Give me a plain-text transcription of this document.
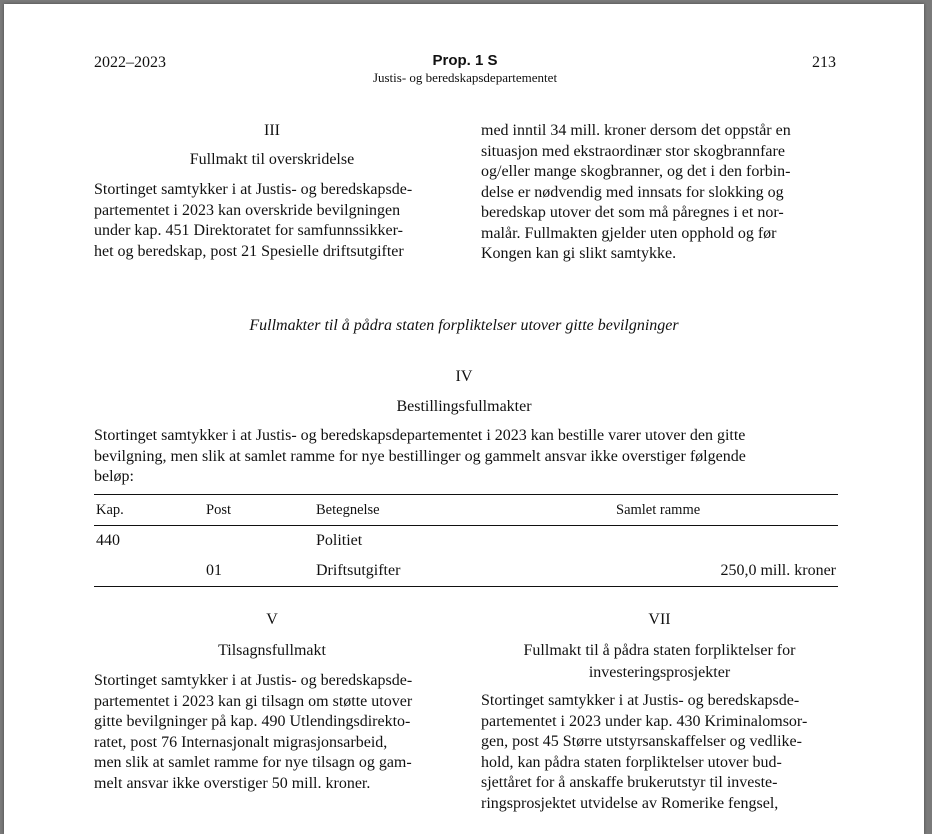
2022–2023	Prop. 1 S
Justis- og beredskapsdepartementet
213
III
Fullmakt til overskridelse
Stortinget samtykker i at Justis- og beredskapsde-
partementet i 2023 kan overskride bevilgningen
under kap. 451 Direktoratet for samfunnssikker-
het og beredskap, post 21 Spesielle driftsutgifter
med inntil 34 mill. kroner dersom det oppstår en
situasjon med ekstraordinær stor skogbrannfare
og/eller mange skogbranner, og det i den forbin-
delse er nødvendig med innsats for slokking og
beredskap utover det som må påregnes i et nor-
malår. Fullmakten gjelder uten opphold og før
Kongen kan gi slikt samtykke.
Fullmakter til å pådra staten forpliktelser utover gitte bevilgninger
IV
Bestillingsfullmakter
Stortinget samtykker i at Justis- og beredskapsdepartementet i 2023 kan bestille varer utover den gitte
bevilgning, men slik at samlet ramme for nye bestillinger og gammelt ansvar ikke overstiger følgende
beløp:
Kap.	Post	Betegnelse	Samlet ramme
440		Politiet	
	01	Driftsutgifter	250,0 mill. kroner
V
Tilsagnsfullmakt
Stortinget samtykker i at Justis- og beredskapsde-
partementet i 2023 kan gi tilsagn om støtte utover
gitte bevilgninger på kap. 490 Utlendingsdirekto-
ratet, post 76 Internasjonalt migrasjonsarbeid,
men slik at samlet ramme for nye tilsagn og gam-
melt ansvar ikke overstiger 50 mill. kroner.
VII
Fullmakt til å pådra staten forpliktelser for
investeringsprosjekter
Stortinget samtykker i at Justis- og beredskapsde-
partementet i 2023 under kap. 430 Kriminalomsor-
gen, post 45 Større utstyrsanskaffelser og vedlike-
hold, kan pådra staten forpliktelser utover bud-
sjettåret for å anskaffe brukerutstyr til investe-
ringsprosjektet utvidelse av Romerike fengsel,
